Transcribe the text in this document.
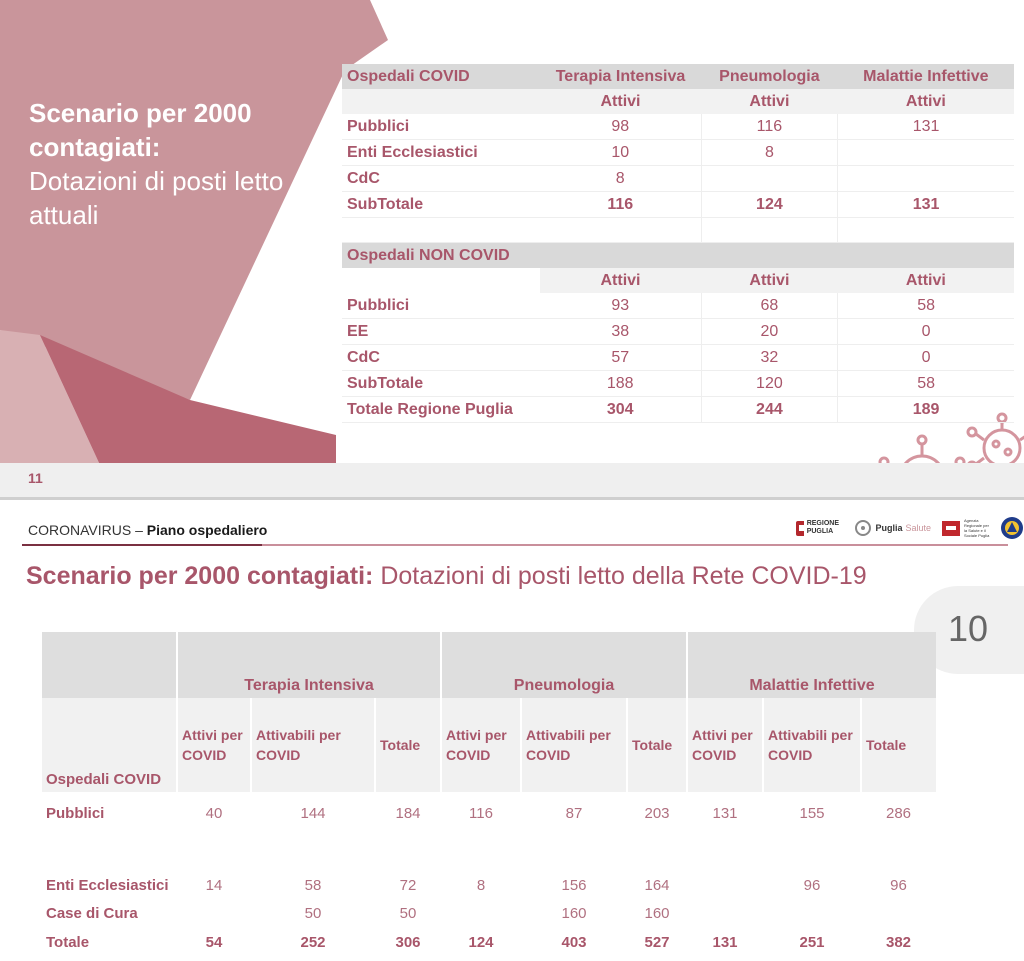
Scenario per 2000 contagiati:
Dotazioni di posti letto attuali
Ospedali COVID	Terapia Intensiva	Pneumologia	Malattie Infettive
	Attivi	Attivi	Attivi
Pubblici	98	116	131
Enti Ecclesiastici	10	8	
CdC	8		
SubTotale	116	124	131

Ospedali NON COVID			
	Attivi	Attivi	Attivi
Pubblici	93	68	58
EE	38	20	0
CdC	57	32	0
SubTotale	188	120	58
Totale Regione Puglia	304	244	189
11
CORONAVIRUS – Piano ospedaliero	REGIONE PUGLIA	Puglia Salute
Agenzia Regionale per la Salute e il Sociale Puglia
Scenario per 2000 contagiati: Dotazioni di posti letto della Rete COVID-19
10
	Terapia Intensiva			Pneumologia			Malattie Infettive		
Ospedali COVID	Attivi per COVID	Attivabili per COVID	Totale	Attivi per COVID	Attivabili per COVID	Totale	Attivi per COVID	Attivabili per COVID	Totale
Pubblici	40	144	184	116	87	203	131	155	286
Enti Ecclesiastici	14	58	72	8	156	164		96	96
Case di Cura		50	50		160	160			
Totale	54	252	306	124	403	527	131	251	382
